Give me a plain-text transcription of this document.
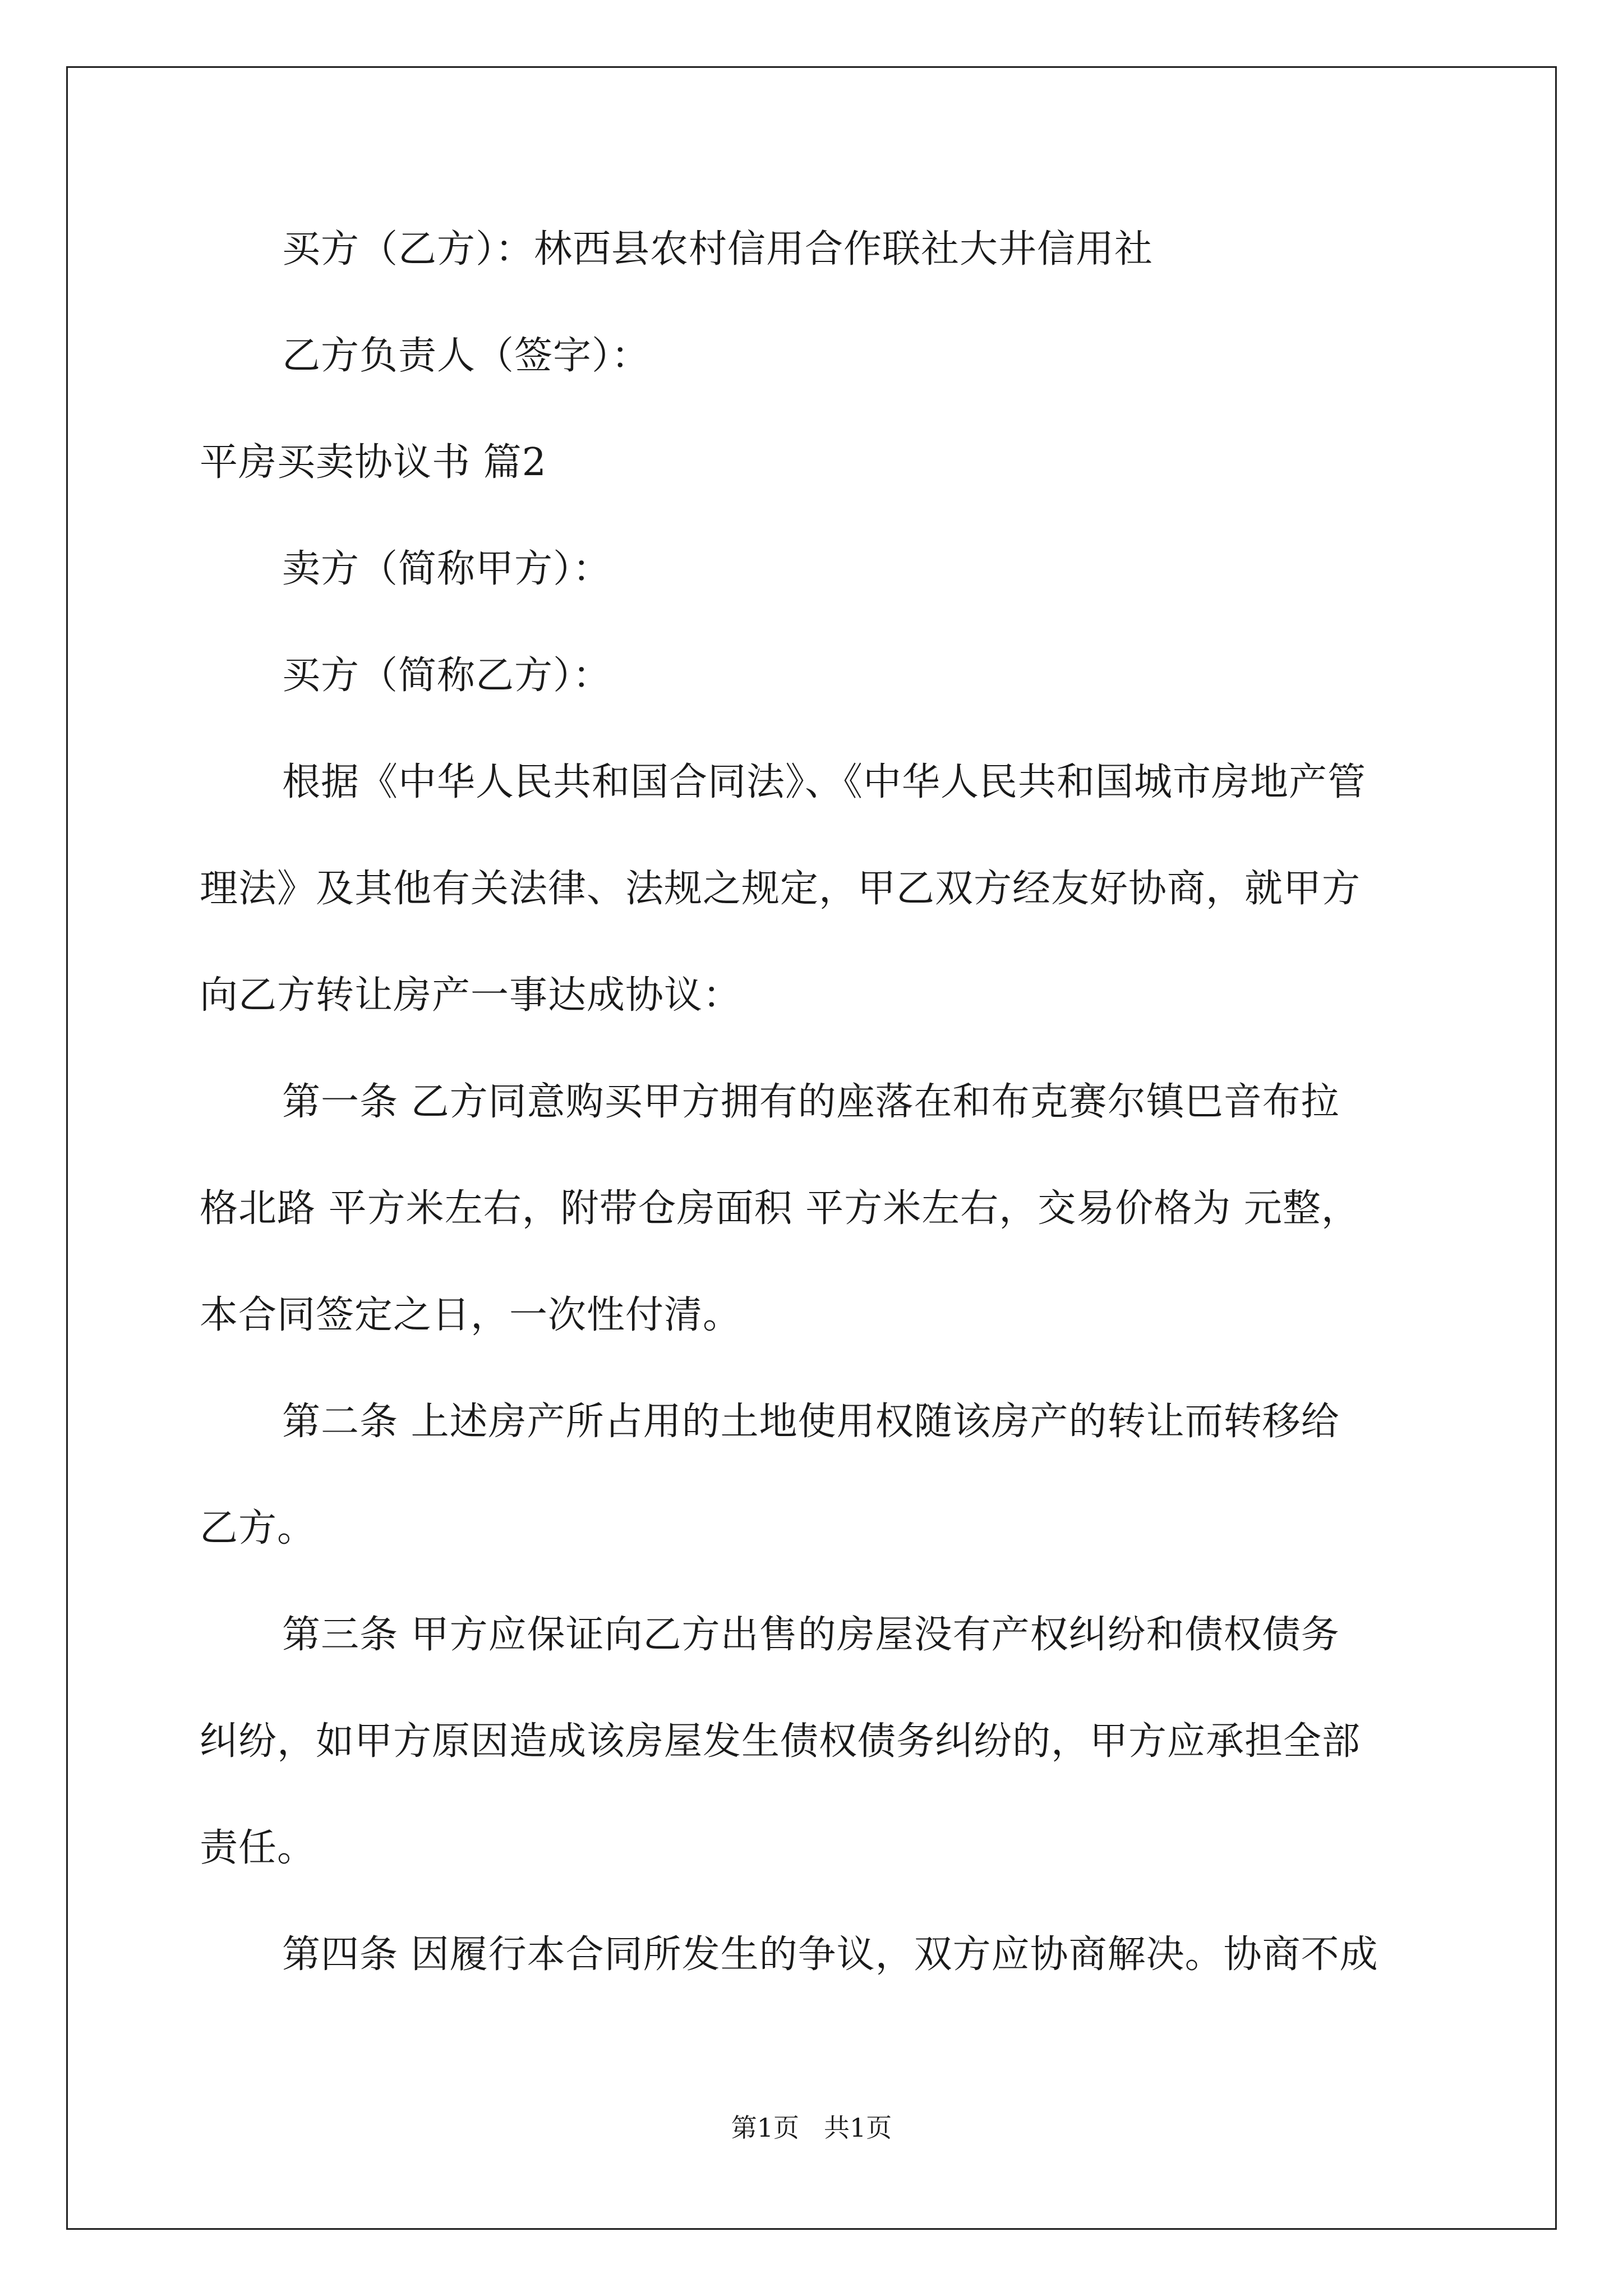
买方（乙方）：林西县农村信用合作联社大井信用社
乙方负责人（签字）：
平房买卖协议书 篇2
卖方（简称甲方）：
买方（简称乙方）：
根据《中华人民共和国合同法》、《中华人民共和国城市房地产管
理法》及其他有关法律、法规之规定，甲乙双方经友好协商，就甲方
向乙方转让房产一事达成协议：
第一条 乙方同意购买甲方拥有的座落在和布克赛尔镇巴音布拉
格北路 平方米左右，附带仓房面积 平方米左右，交易价格为 元整，
本合同签定之日，一次性付清。
第二条 上述房产所占用的土地使用权随该房产的转让而转移给
乙方。
第三条 甲方应保证向乙方出售的房屋没有产权纠纷和债权债务
纠纷，如甲方原因造成该房屋发生债权债务纠纷的，甲方应承担全部
责任。
第四条 因履行本合同所发生的争议，双方应协商解决。协商不成
第1页 共1页
